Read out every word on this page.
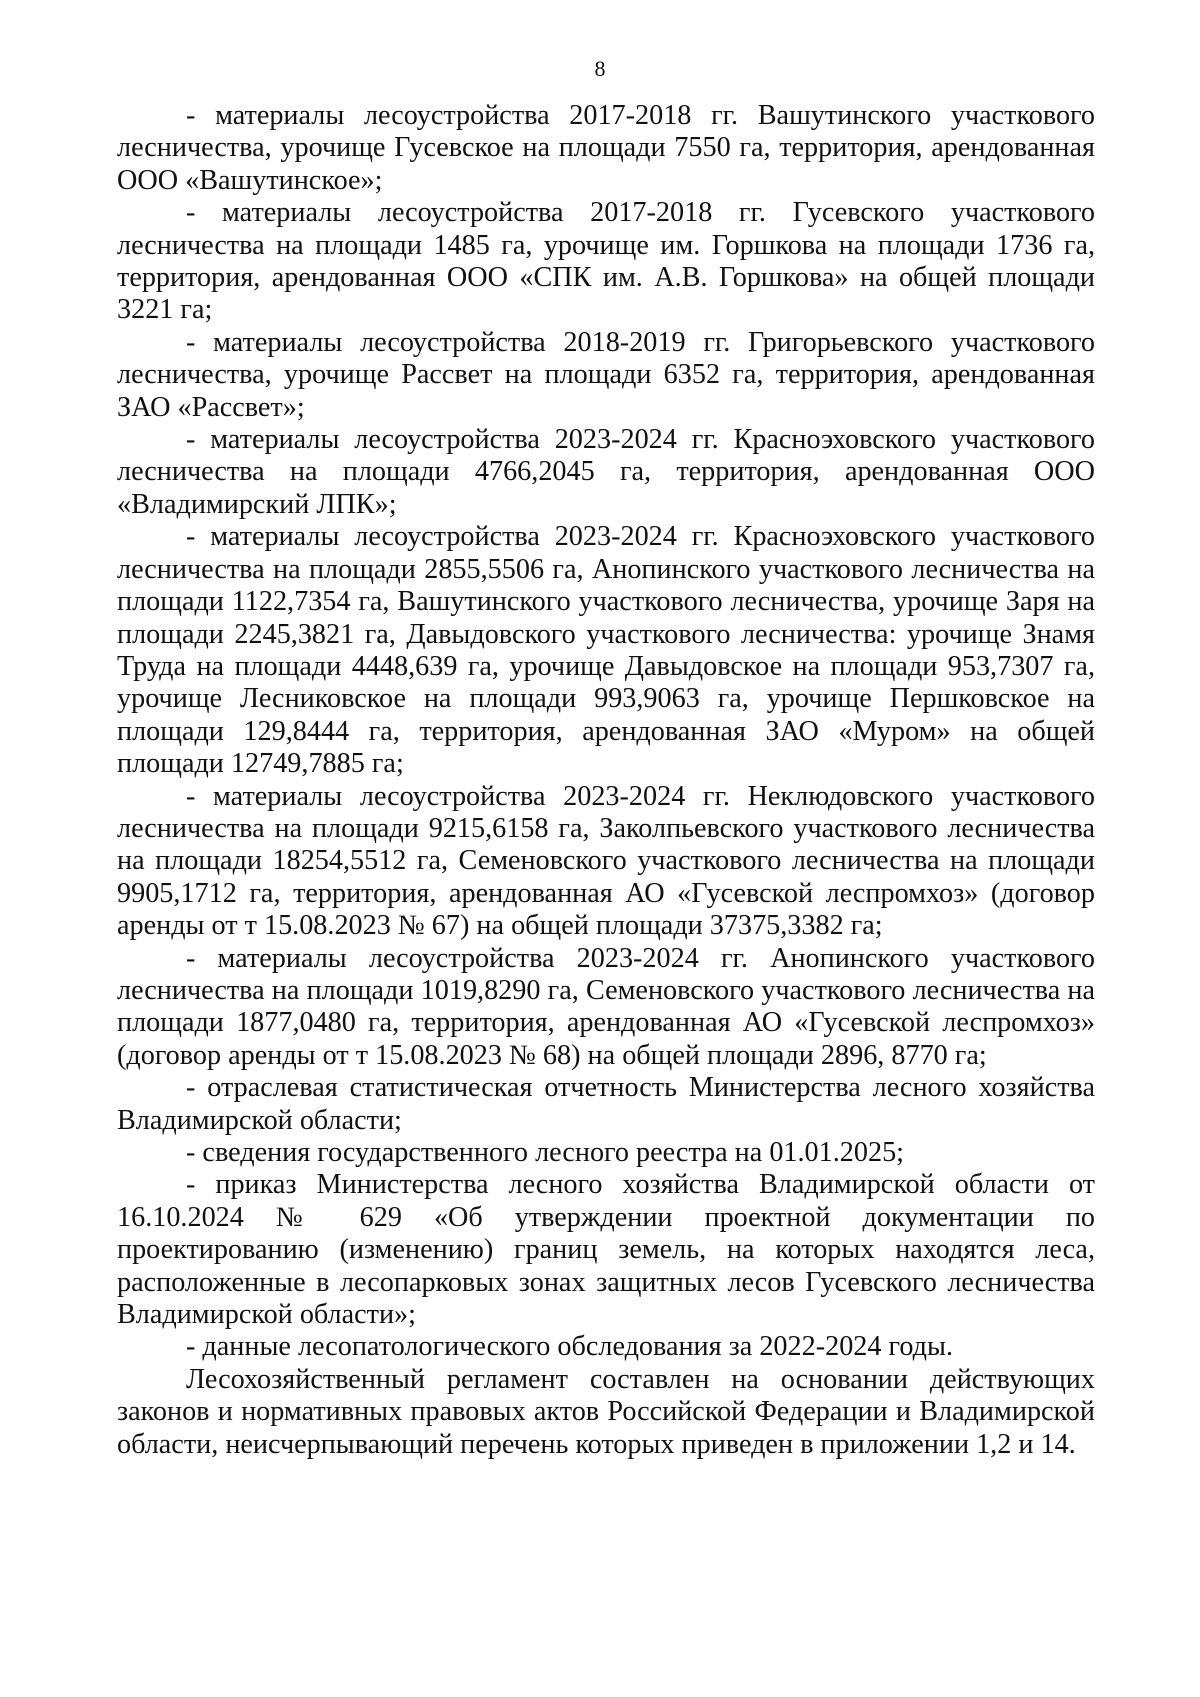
8

- материалы лесоустройства 2017-2018 гг. Вашутинского участкового лесничества, урочище Гусевское на площади 7550 га, территория, арендованная ООО «Вашутинское»;

- материалы лесоустройства 2017-2018 гг. Гусевского участкового лесничества на площади 1485 га, урочище им. Горшкова на площади 1736 га, территория, арендованная ООО «СПК им. А.В. Горшкова» на общей площади 3221 га;

- материалы лесоустройства 2018-2019 гг. Григорьевского участкового лесничества, урочище Рассвет на площади 6352 га, территория, арендованная ЗАО «Рассвет»;

- материалы лесоустройства 2023-2024 гг. Красноэховского участкового лесничества на площади 4766,2045 га, территория, арендованная ООО «Владимирский ЛПК»;

- материалы лесоустройства 2023-2024 гг. Красноэховского участкового лесничества на площади 2855,5506 га, Анопинского участкового лесничества на площади 1122,7354 га, Вашутинского участкового лесничества, урочище Заря на площади 2245,3821 га, Давыдовского участкового лесничества: урочище Знамя Труда на площади 4448,639 га, урочище Давыдовское на площади 953,7307 га, урочище Лесниковское на площади 993,9063 га, урочище Першковское на площади 129,8444 га, территория, арендованная ЗАО «Муром» на общей площади 12749,7885 га;

- материалы лесоустройства 2023-2024 гг. Неклюдовского участкового лесничества на площади 9215,6158 га, Заколпьевского участкового лесничества на площади 18254,5512 га, Семеновского участкового лесничества на площади 9905,1712 га, территория, арендованная АО «Гусевской леспромхоз» (договор аренды от т 15.08.2023 № 67) на общей площади 37375,3382 га;

- материалы лесоустройства 2023-2024 гг. Анопинского участкового лесничества на площади 1019,8290 га, Семеновского участкового лесничества на площади 1877,0480 га, территория, арендованная АО «Гусевской леспромхоз» (договор аренды от т 15.08.2023 № 68) на общей площади 2896, 8770 га;

- отраслевая статистическая отчетность Министерства лесного хозяйства Владимирской области;

- сведения государственного лесного реестра на 01.01.2025;

- приказ Министерства лесного хозяйства Владимирской области от 16.10.2024 № 629 «Об утверждении проектной документации по проектированию (изменению) границ земель, на которых находятся леса, расположенные в лесопарковых зонах защитных лесов Гусевского лесничества Владимирской области»;

- данные лесопатологического обследования за 2022-2024 годы.

Лесохозяйственный регламент составлен на основании действующих законов и нормативных правовых актов Российской Федерации и Владимирской области, неисчерпывающий перечень которых приведен в приложении 1,2 и 14.
